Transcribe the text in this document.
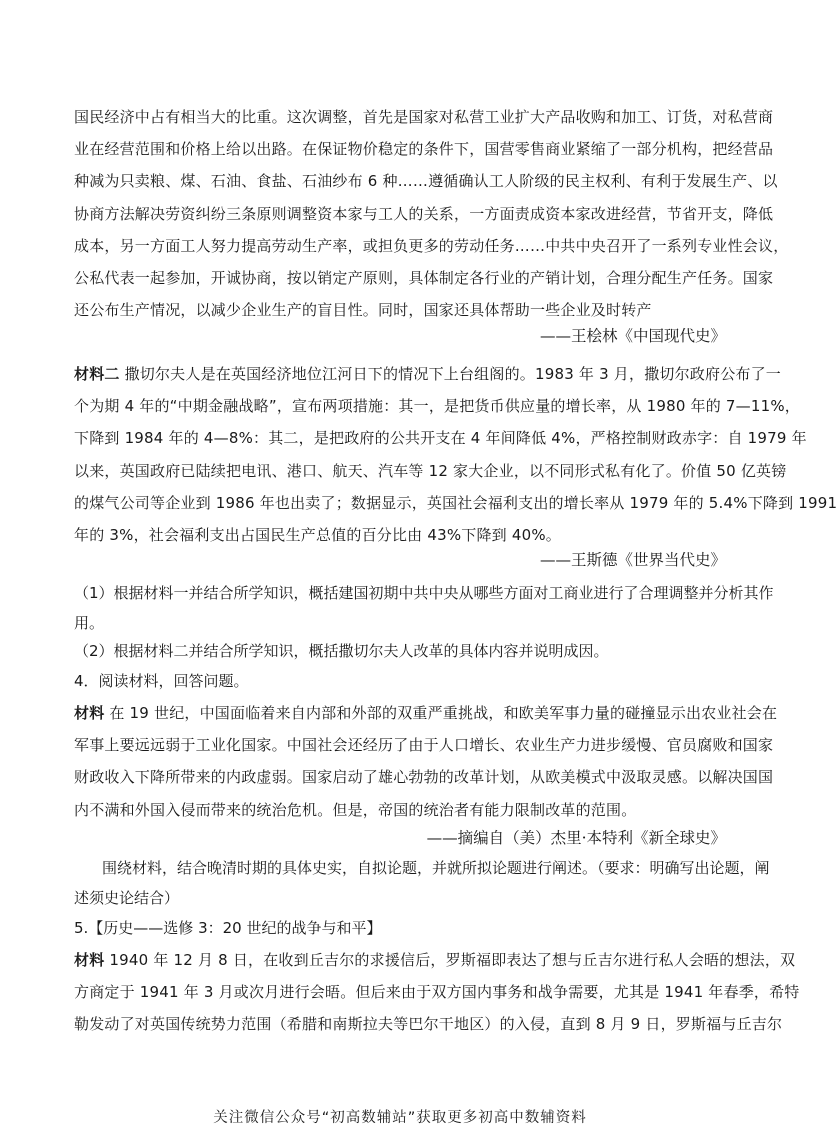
国民经济中占有相当大的比重。这次调整，首先是国家对私营工业扩大产品收购和加工、订货，对私营商
业在经营范围和价格上给以出路。在保证物价稳定的条件下，国营零售商业紧缩了一部分机构，把经营品
种减为只卖粮、煤、石油、食盐、石油纱布 6 种……遵循确认工人阶级的民主权利、有利于发展生产、以
协商方法解决劳资纠纷三条原则调整资本家与工人的关系，一方面责成资本家改进经营，节省开支，降低
成本，另一方面工人努力提高劳动生产率，或担负更多的劳动任务……中共中央召开了一系列专业性会议，
公私代表一起参加，开诚协商，按以销定产原则，具体制定各行业的产销计划，合理分配生产任务。国家
还公布生产情况，以减少企业生产的盲目性。同时，国家还具体帮助一些企业及时转产
——王桧林《中国现代史》
材料二 撒切尔夫人是在英国经济地位江河日下的情况下上台组阁的。1983 年 3 月，撒切尔政府公布了一
个为期 4 年的“中期金融战略”，宣布两项措施：其一，是把货币供应量的增长率，从 1980 年的 7—11%，
下降到 1984 年的 4—8%：其二，是把政府的公共开支在 4 年间降低 4%，严格控制财政赤字：自 1979 年
以来，英国政府已陆续把电讯、港口、航天、汽车等 12 家大企业，以不同形式私有化了。价值 50 亿英镑
的煤气公司等企业到 1986 年也出卖了；数据显示，英国社会福利支出的增长率从 1979 年的 5.4%下降到 1991
年的 3%，社会福利支出占国民生产总值的百分比由 43%下降到 40%。
——王斯德《世界当代史》
（1）根据材料一并结合所学知识，概括建国初期中共中央从哪些方面对工商业进行了合理调整并分析其作
用。
（2）根据材料二并结合所学知识，概括撒切尔夫人改革的具体内容并说明成因。
4．阅读材料，回答问题。
材料 在 19 世纪，中国面临着来自内部和外部的双重严重挑战，和欧美军事力量的碰撞显示出农业社会在
军事上要远远弱于工业化国家。中国社会还经历了由于人口增长、农业生产力进步缓慢、官员腐败和国家
财政收入下降所带来的内政虚弱。国家启动了雄心勃勃的改革计划，从欧美模式中汲取灵感。以解决国国
内不满和外国入侵而带来的统治危机。但是，帝国的统治者有能力限制改革的范围。
——摘编自（美）杰里·本特利《新全球史》
围绕材料，结合晚清时期的具体史实，自拟论题，并就所拟论题进行阐述。（要求：明确写出论题，阐
述须史论结合）
5.【历史——选修 3：20 世纪的战争与和平】
材料 1940 年 12 月 8 日，在收到丘吉尔的求援信后，罗斯福即表达了想与丘吉尔进行私人会晤的想法，双
方商定于 1941 年 3 月或次月进行会晤。但后来由于双方国内事务和战争需要，尤其是 1941 年春季，希特
勒发动了对英国传统势力范围（希腊和南斯拉夫等巴尔干地区）的入侵，直到 8 月 9 日，罗斯福与丘吉尔
关注微信公众号“初高数辅站”获取更多初高中数辅资料
